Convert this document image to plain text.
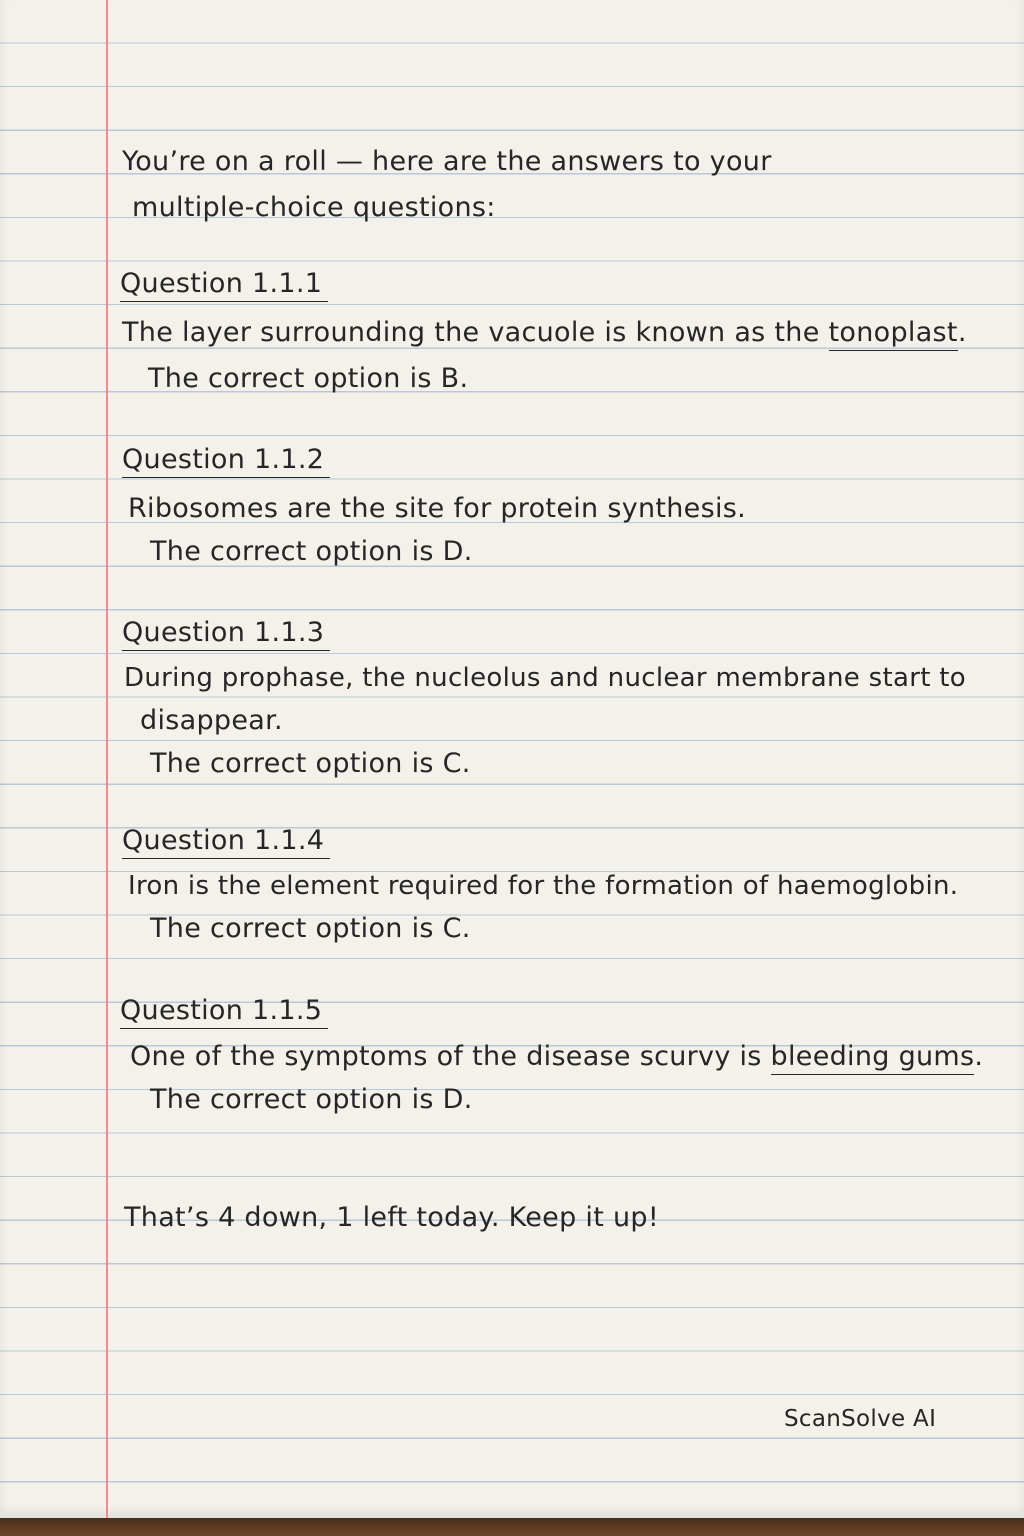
You’re on a roll — here are the answers to your
multiple-choice questions:
Question 1.1.1
The layer surrounding the vacuole is known as the tonoplast.
The correct option is B.
Question 1.1.2
Ribosomes are the site for protein synthesis.
The correct option is D.
Question 1.1.3
During prophase, the nucleolus and nuclear membrane start to
disappear.
The correct option is C.
Question 1.1.4
Iron is the element required for the formation of haemoglobin.
The correct option is C.
Question 1.1.5
One of the symptoms of the disease scurvy is bleeding gums.
The correct option is D.
That’s 4 down, 1 left today. Keep it up!
ScanSolve AI
